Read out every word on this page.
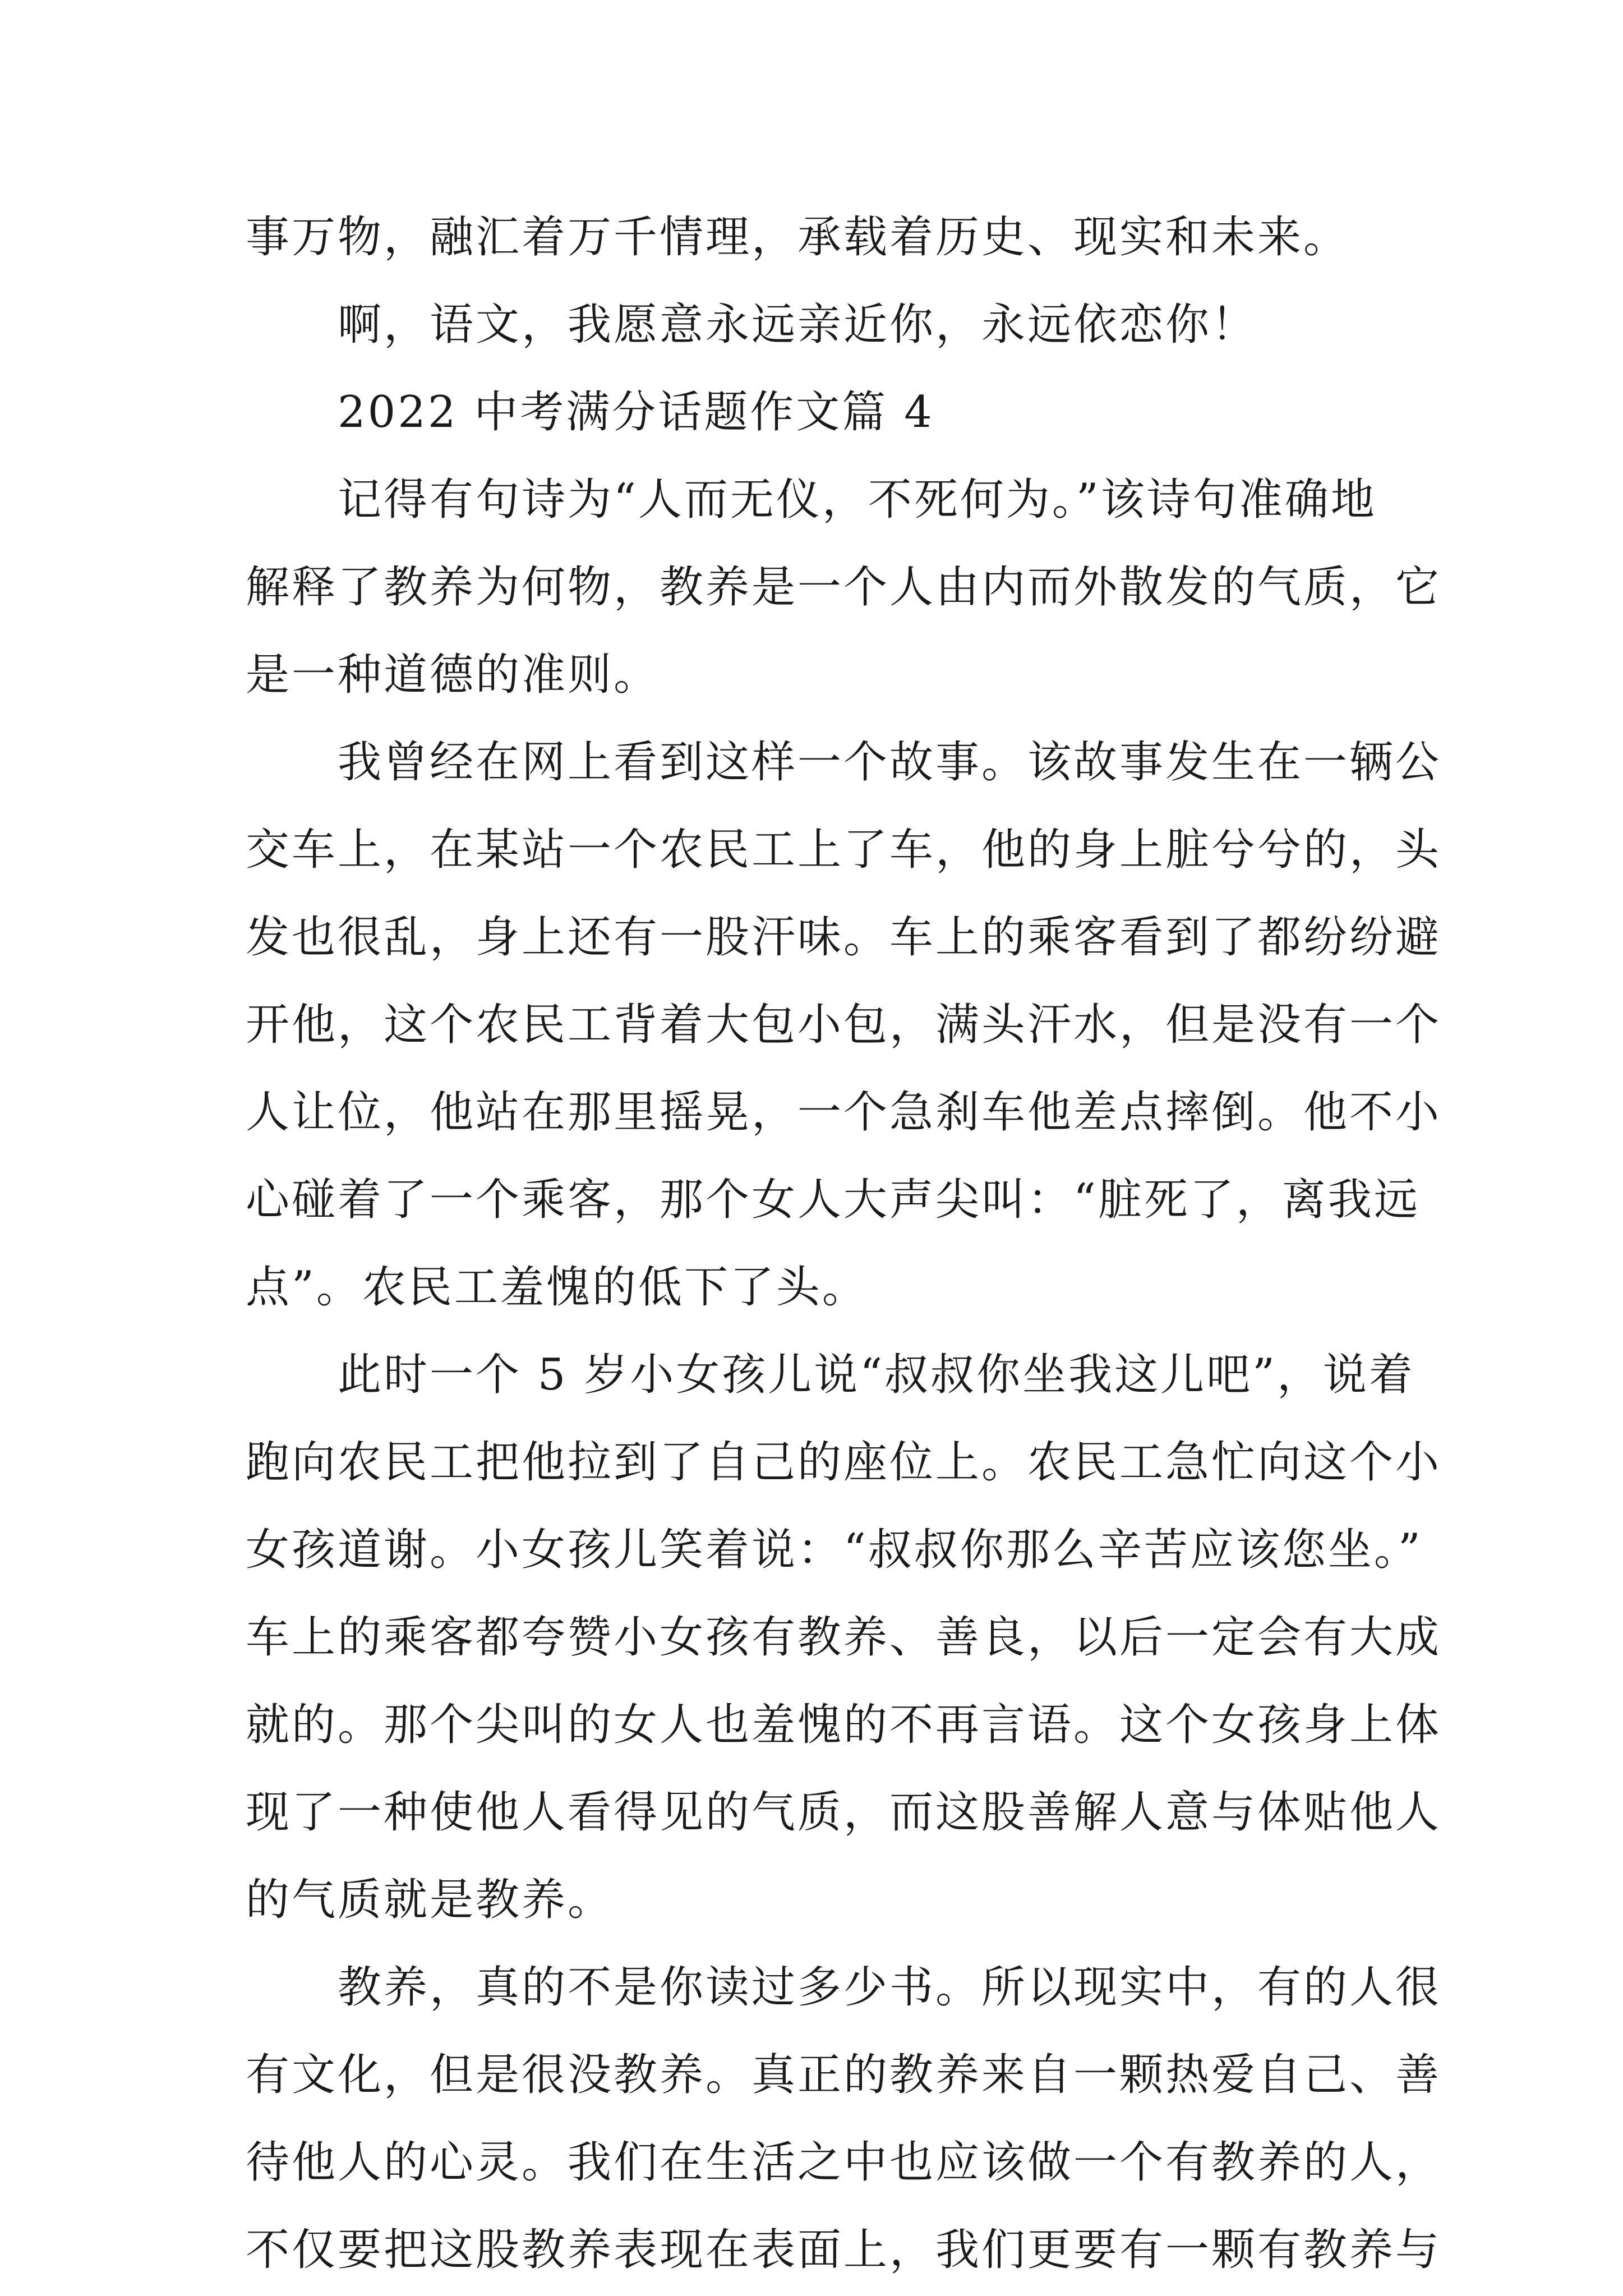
事万物，融汇着万千情理，承载着历史、现实和未来。
啊，语文，我愿意永远亲近你，永远依恋你！
2022 中考满分话题作文篇 4
记得有句诗为“人而无仪，不死何为。”该诗句准确地
解释了教养为何物，教养是一个人由内而外散发的气质，它
是一种道德的准则。
我曾经在网上看到这样一个故事。该故事发生在一辆公
交车上，在某站一个农民工上了车，他的身上脏兮兮的，头
发也很乱，身上还有一股汗味。车上的乘客看到了都纷纷避
开他，这个农民工背着大包小包，满头汗水，但是没有一个
人让位，他站在那里摇晃，一个急刹车他差点摔倒。他不小
心碰着了一个乘客，那个女人大声尖叫：“脏死了，离我远
点”。农民工羞愧的低下了头。
此时一个 5 岁小女孩儿说“叔叔你坐我这儿吧”，说着
跑向农民工把他拉到了自己的座位上。农民工急忙向这个小
女孩道谢。小女孩儿笑着说：“叔叔你那么辛苦应该您坐。”
车上的乘客都夸赞小女孩有教养、善良，以后一定会有大成
就的。那个尖叫的女人也羞愧的不再言语。这个女孩身上体
现了一种使他人看得见的气质，而这股善解人意与体贴他人
的气质就是教养。
教养，真的不是你读过多少书。所以现实中，有的人很
有文化，但是很没教养。真正的教养来自一颗热爱自己、善
待他人的心灵。我们在生活之中也应该做一个有教养的人，
不仅要把这股教养表现在表面上，我们更要有一颗有教养与
